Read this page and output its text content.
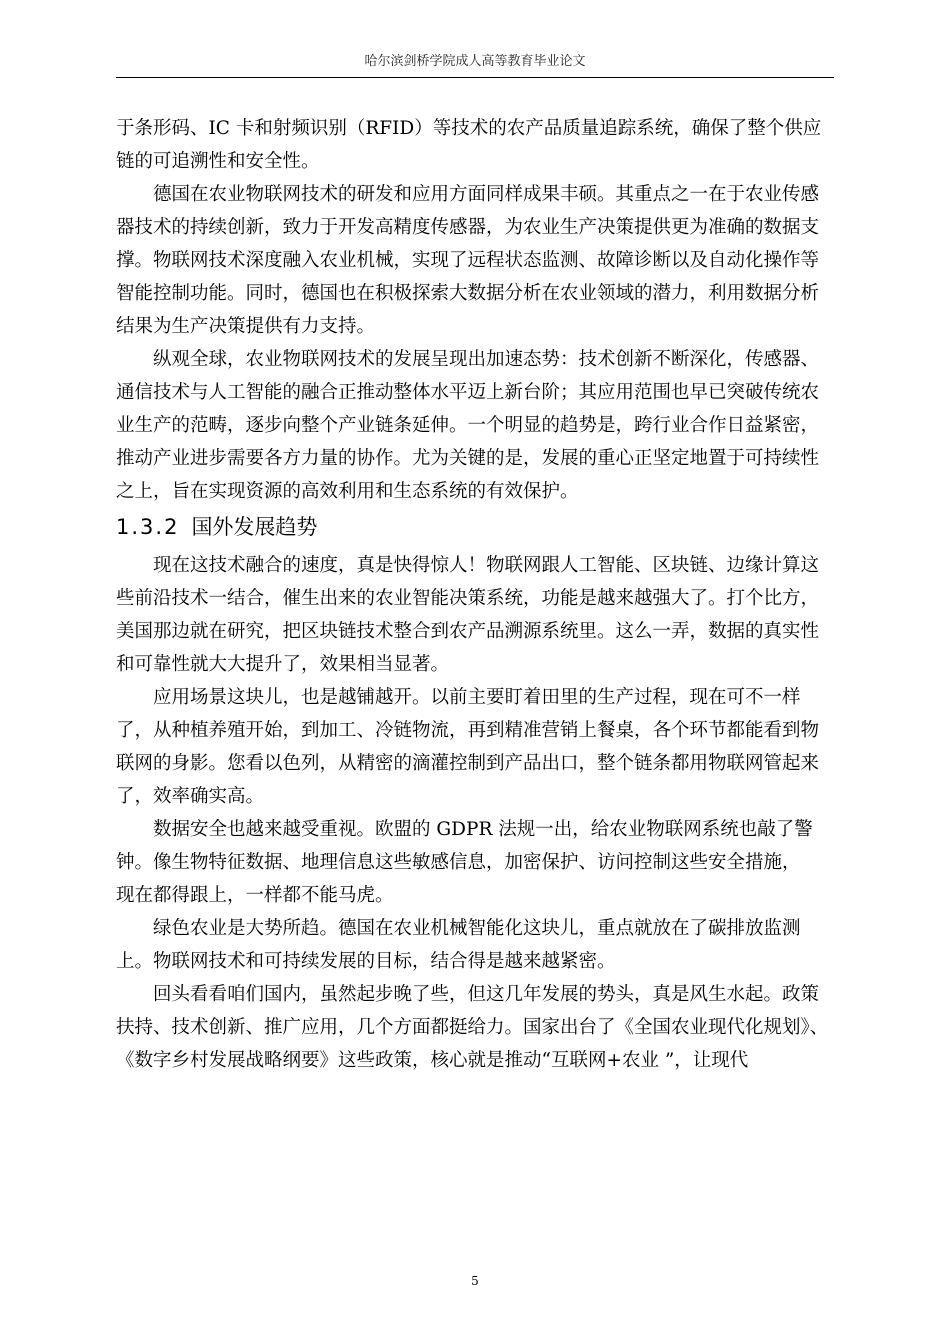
哈尔滨剑桥学院成人高等教育毕业论文

于条形码、IC 卡和射频识别（RFID）等技术的农产品质量追踪系统，确保了整个供应链的可追溯性和安全性。

德国在农业物联网技术的研发和应用方面同样成果丰硕。其重点之一在于农业传感器技术的持续创新，致力于开发高精度传感器，为农业生产决策提供更为准确的数据支撑。物联网技术深度融入农业机械，实现了远程状态监测、故障诊断以及自动化操作等智能控制功能。同时，德国也在积极探索大数据分析在农业领域的潜力，利用数据分析结果为生产决策提供有力支持。

纵观全球，农业物联网技术的发展呈现出加速态势：技术创新不断深化，传感器、通信技术与人工智能的融合正推动整体水平迈上新台阶；其应用范围也早已突破传统农业生产的范畴，逐步向整个产业链条延伸。一个明显的趋势是，跨行业合作日益紧密，推动产业进步需要各方力量的协作。尤为关键的是，发展的重心正坚定地置于可持续性之上，旨在实现资源的高效利用和生态系统的有效保护。

1.3.2 国外发展趋势

现在这技术融合的速度，真是快得惊人！物联网跟人工智能、区块链、边缘计算这些前沿技术一结合，催生出来的农业智能决策系统，功能是越来越强大了。打个比方，美国那边就在研究，把区块链技术整合到农产品溯源系统里。这么一弄，数据的真实性和可靠性就大大提升了，效果相当显著。

应用场景这块儿，也是越铺越开。以前主要盯着田里的生产过程，现在可不一样了，从种植养殖开始，到加工、冷链物流，再到精准营销上餐桌，各个环节都能看到物联网的身影。您看以色列，从精密的滴灌控制到产品出口，整个链条都用物联网管起来了，效率确实高。

数据安全也越来越受重视。欧盟的 GDPR 法规一出，给农业物联网系统也敲了警 钟。像生物特征数据、地理信息这些敏感信息，加密保护、访问控制这些安全措施，

现在都得跟上，一样都不能马虎。

绿色农业是大势所趋。德国在农业机械智能化这块儿，重点就放在了碳排放监测上。物联网技术和可持续发展的目标，结合得是越来越紧密。

回头看看咱们国内，虽然起步晚了些，但这几年发展的势头，真是风生水起。政策扶持、技术创新、推广应用，几个方面都挺给力。国家出台了《全国农业现代化规划》、《数字乡村发展战略纲要》这些政策，核心就是推动“互联网+农业 ”，让现代

5
